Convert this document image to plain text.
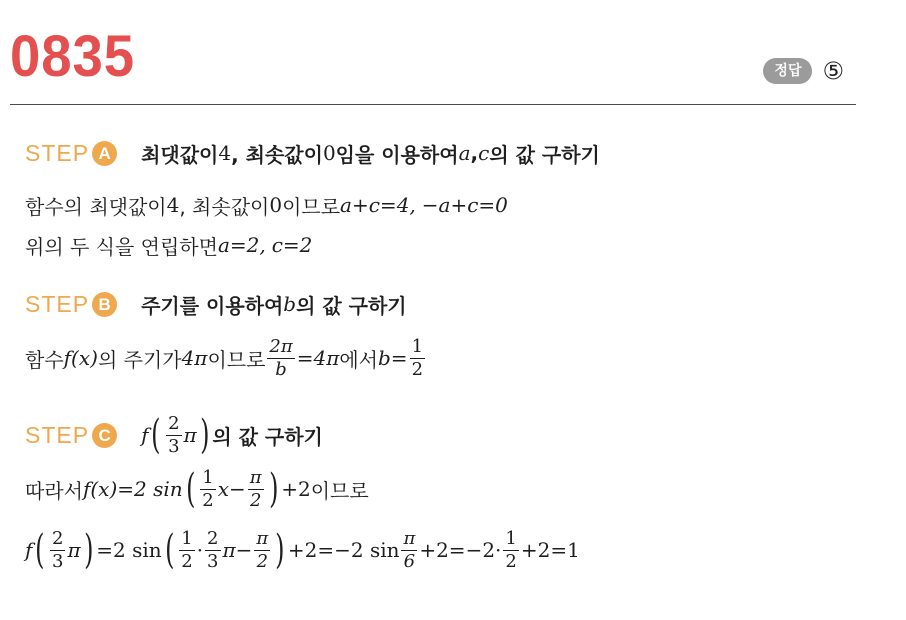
0835	정답 ⑤
STEP A	최댓값이 4 , 최솟값이 0 임을 이용하여 a , c 의 값 구하기
함수의 최댓값이 4 , 최솟값이 0 이므로 a+c=4, −a+c=0
위의 두 식을 연립하면 a=2, c=2
STEP B	주기를 이용하여 b 의 값 구하기
함수 f(x) 의 주기가 4π 이므로 $\frac{2\pi}{b} =4\pi$ 에서 $b= \frac{1}{2}$
STEP C	f ( $\frac{2}{3}$ π ) 의 값 구하기
따라서 f(x)=2 sin ( $\frac{1}{2} x- \frac{\pi}{2}$ ) +2 이므로
f ( $\frac{2}{3}$ π ) =2 sin ( $\frac{1}{2} \cdot \frac{2}{3} \pi- \frac{\pi}{2}$ ) +2=−2 $\sin \frac{\pi}{6} +2=-2\cdot \frac{1}{2} +2=1$
